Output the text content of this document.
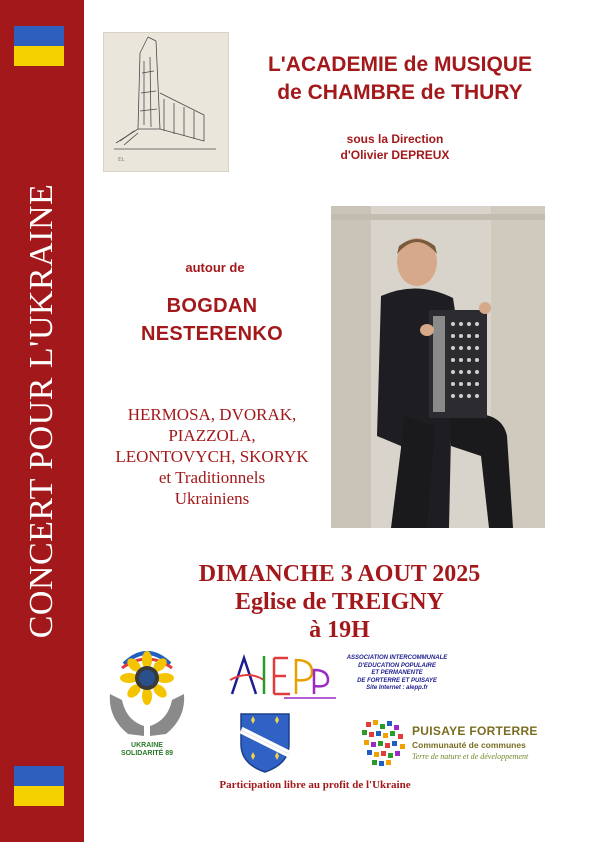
CONCERT POUR L'UKRAINE
Et.
L'ACADEMIE de MUSIQUE
de CHAMBRE de THURY
sous la Direction
d'Olivier DEPREUX
autour de
BOGDAN
NESTERENKO
HERMOSA, DVORAK,
PIAZZOLA,
LEONTOVYCH, SKORYK
et Traditionnels
Ukrainiens
DIMANCHE 3 AOUT 2025
Eglise de TREIGNY
à 19H
UKRAINE
SOLIDARITÉ 89
ASSOCIATION INTERCOMMUNALE
D'EDUCATION POPULAIRE
ET PERMANENTE
DE FORTERRE ET PUISAYE
Site Internet : alepp.fr
PUISAYE FORTERRE
Communauté de communes
Terre de nature et de développement
Participation libre au profit de l'Ukraine
